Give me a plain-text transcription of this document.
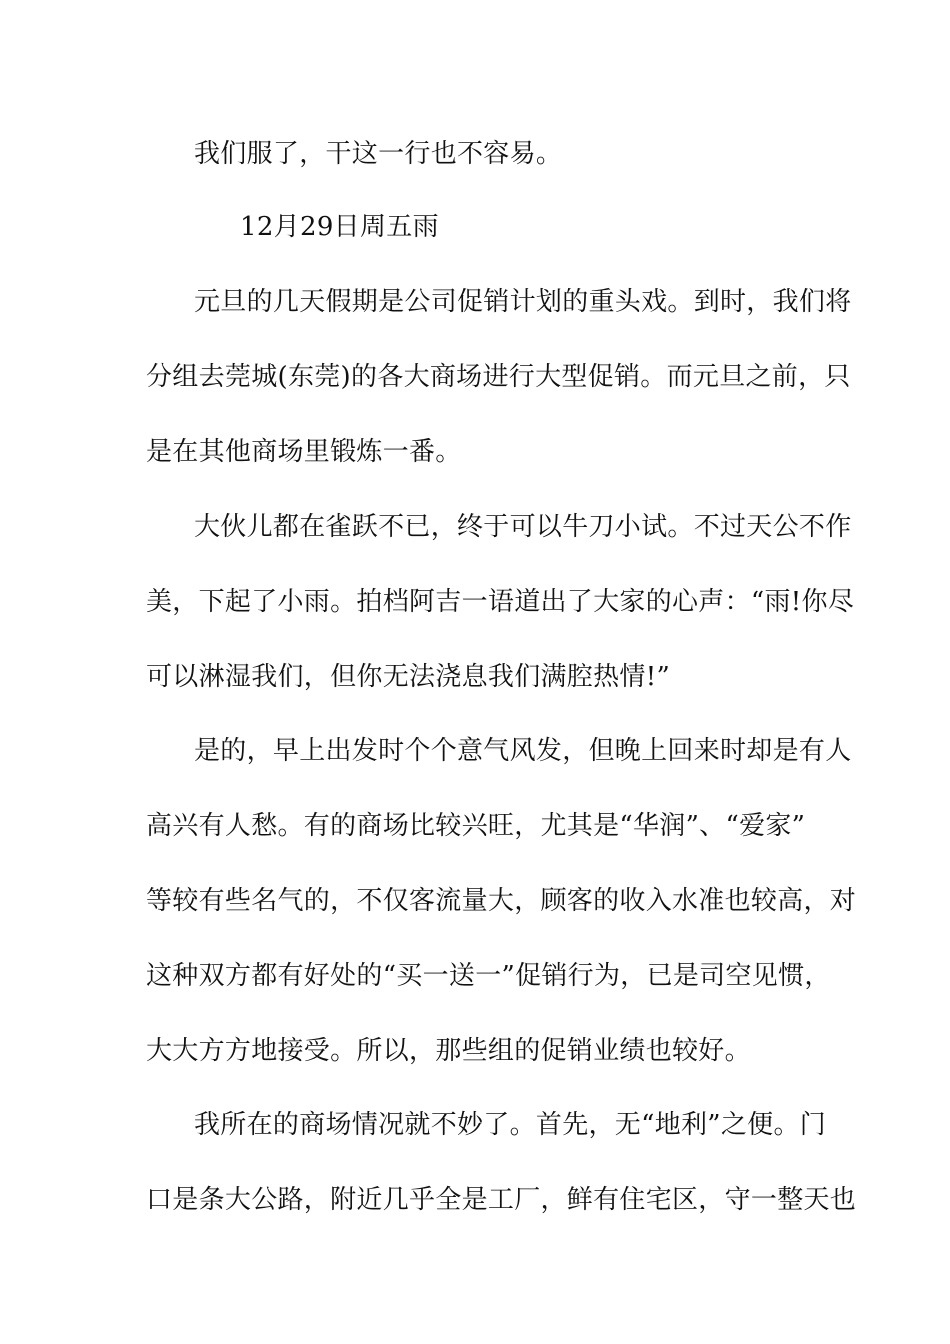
我们服了，干这一行也不容易。
12月29日周五雨
元旦的几天假期是公司促销计划的重头戏。到时，我们将
分组去莞城(东莞)的各大商场进行大型促销。而元旦之前，只
是在其他商场里锻炼一番。
大伙儿都在雀跃不已，终于可以牛刀小试。不过天公不作
美，下起了小雨。拍档阿吉一语道出了大家的心声：“雨!你尽
可以淋湿我们，但你无法浇息我们满腔热情!”
是的，早上出发时个个意气风发，但晚上回来时却是有人
高兴有人愁。有的商场比较兴旺，尤其是“华润”、“爱家”
等较有些名气的，不仅客流量大，顾客的收入水准也较高，对
这种双方都有好处的“买一送一”促销行为，已是司空见惯，
大大方方地接受。所以，那些组的促销业绩也较好。
我所在的商场情况就不妙了。首先，无“地利”之便。门
口是条大公路，附近几乎全是工厂，鲜有住宅区，守一整天也
